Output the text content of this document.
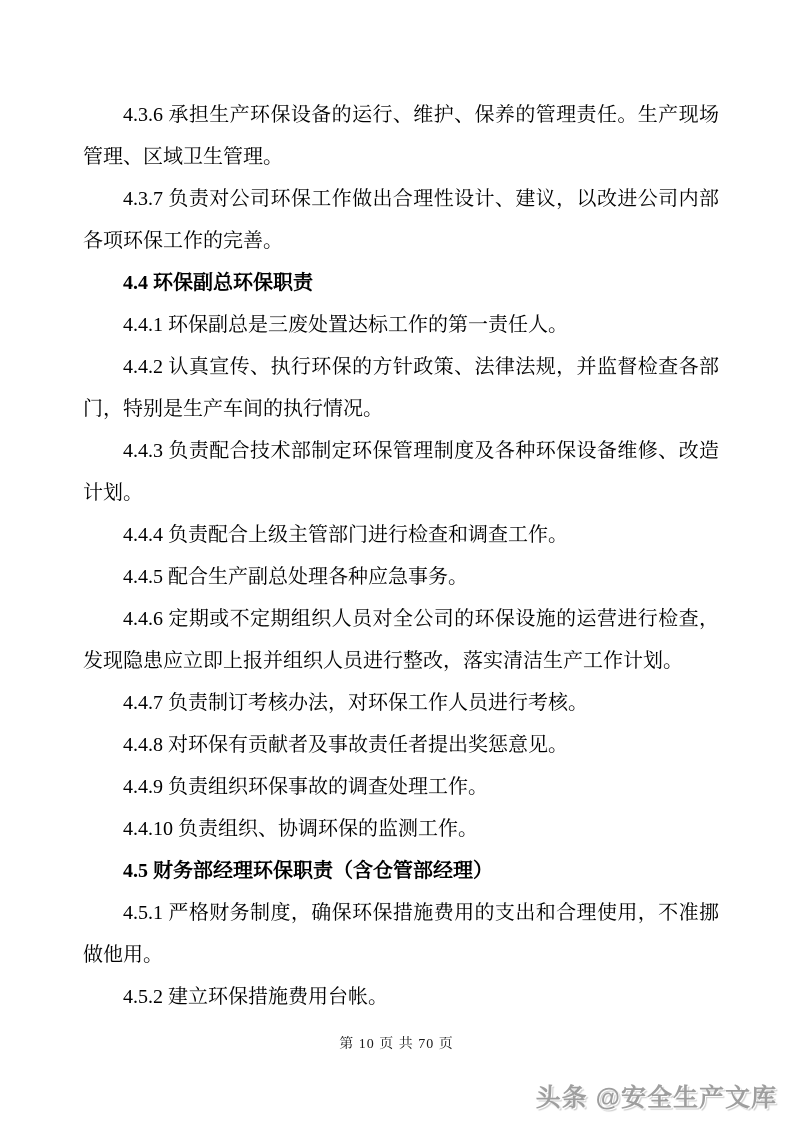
4.3.6 承担生产环保设备的运行、维护、保养的管理责任。生产现场管理、区域卫生管理。

4.3.7 负责对公司环保工作做出合理性设计、建议，以改进公司内部各项环保工作的完善。

4.4 环保副总环保职责

4.4.1 环保副总是三废处置达标工作的第一责任人。

4.4.2 认真宣传、执行环保的方针政策、法律法规，并监督检查各部门，特别是生产车间的执行情况。

4.4.3 负责配合技术部制定环保管理制度及各种环保设备维修、改造计划。

4.4.4 负责配合上级主管部门进行检查和调查工作。

4.4.5 配合生产副总处理各种应急事务。

4.4.6 定期或不定期组织人员对全公司的环保设施的运营进行检查，发现隐患应立即上报并组织人员进行整改，落实清洁生产工作计划。

4.4.7 负责制订考核办法，对环保工作人员进行考核。

4.4.8 对环保有贡献者及事故责任者提出奖惩意见。

4.4.9 负责组织环保事故的调查处理工作。

4.4.10 负责组织、协调环保的监测工作。

4.5 财务部经理环保职责（含仓管部经理）

4.5.1 严格财务制度，确保环保措施费用的支出和合理使用，不准挪做他用。

4.5.2 建立环保措施费用台帐。

第 10 页 共 70 页
头条 @安全生产文库
